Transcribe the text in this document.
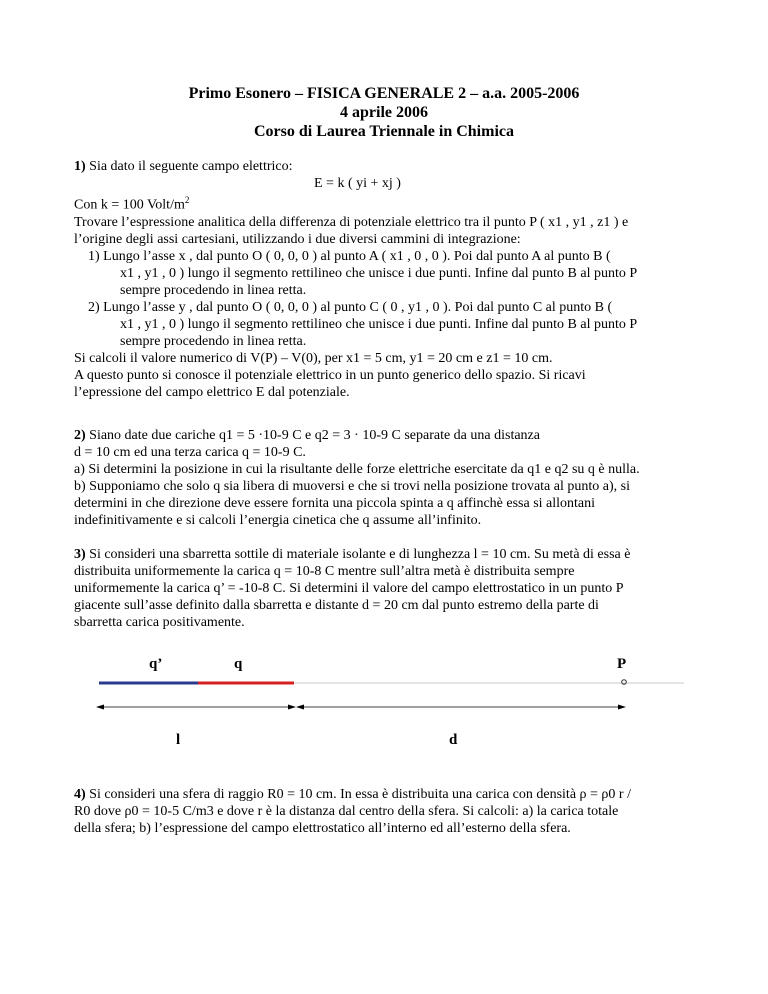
Primo Esonero – FISICA GENERALE 2 – a.a. 2005-2006
4 aprile 2006
Corso di Laurea Triennale in Chimica
1) Sia dato il seguente campo elettrico:
E = k ( yi + xj )
Con k = 100 Volt/$m^2$
Trovare l’espressione analitica della differenza di potenziale elettrico tra il punto P ( x1 , y1 , z1 ) e
l’origine degli assi cartesiani, utilizzando i due diversi cammini di integrazione:
1) Lungo l’asse x , dal punto O ( 0, 0, 0 ) al punto A ( x1 , 0 , 0 ). Poi dal punto A al punto B (
x1 , y1 , 0 ) lungo il segmento rettilineo che unisce i due punti. Infine dal punto B al punto P
sempre procedendo in linea retta.
2) Lungo l’asse y , dal punto O ( 0, 0, 0 ) al punto C ( 0 , y1 , 0 ). Poi dal punto C al punto B (
x1 , y1 , 0 ) lungo il segmento rettilineo che unisce i due punti. Infine dal punto B al punto P
sempre procedendo in linea retta.
Si calcoli il valore numerico di V(P) – V(0), per x1 = 5 cm, y1 = 20 cm e z1 = 10 cm.
A questo punto si conosce il potenziale elettrico in un punto generico dello spazio. Si ricavi
l’epressione del campo elettrico E dal potenziale.
2) Siano date due cariche q1 = 5 ·10-9 C e q2 = 3 · 10-9 C separate da una distanza
d = 10 cm ed una terza carica q = 10-9 C.
a) Si determini la posizione in cui la risultante delle forze elettriche esercitate da q1 e q2 su q è nulla.
b) Supponiamo che solo q sia libera di muoversi e che si trovi nella posizione trovata al punto a), si
determini in che direzione deve essere fornita una piccola spinta a q affinchè essa si allontani
indefinitivamente e si calcoli l’energia cinetica che q assume all’infinito.
3) Si consideri una sbarretta sottile di materiale isolante e di lunghezza l = 10 cm. Su metà di essa è
distribuita uniformemente la carica q = 10-8 C mentre sull’altra metà è distribuita sempre
uniformemente la carica q’ = -10-8 C. Si determini il valore del campo elettrostatico in un punto P
giacente sull’asse definito dalla sbarretta e distante d = 20 cm dal punto estremo della parte di
sbarretta carica positivamente.
q’	q	P
l	d
4) Si consideri una sfera di raggio R0 = 10 cm. In essa è distribuita una carica con densità ρ = ρ0 r /
R0 dove ρ0 = 10-5 C/m3 e dove r è la distanza dal centro della sfera. Si calcoli: a) la carica totale
della sfera; b) l’espressione del campo elettrostatico all’interno ed all’esterno della sfera.
